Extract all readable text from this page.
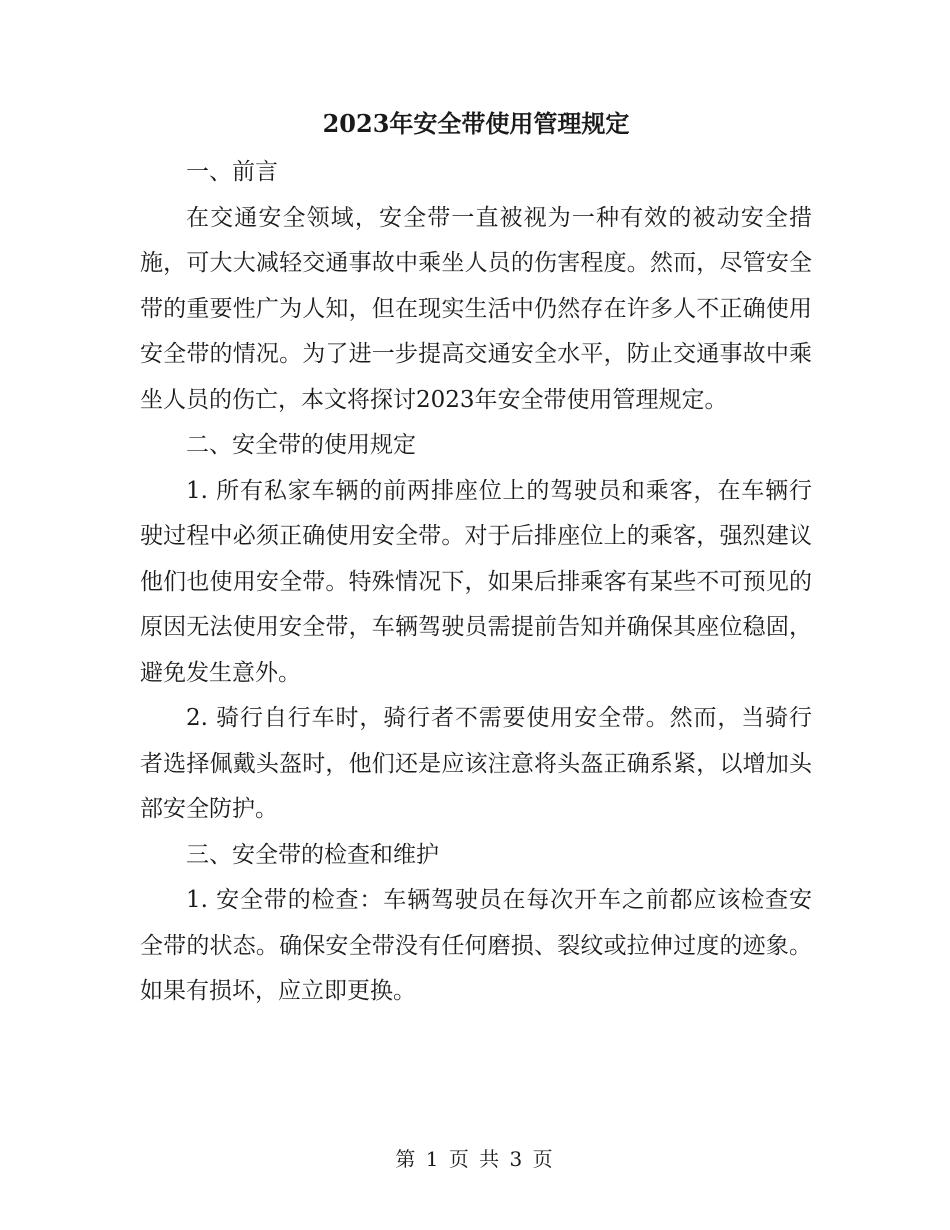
2023年安全带使用管理规定

一、前言

在交通安全领域，安全带一直被视为一种有效的被动安全措施，可大大减轻交通事故中乘坐人员的伤害程度。然而，尽管安全带的重要性广为人知，但在现实生活中仍然存在许多人不正确使用安全带的情况。为了进一步提高交通安全水平，防止交通事故中乘坐人员的伤亡，本文将探讨2023年安全带使用管理规定。

二、安全带的使用规定

1. 所有私家车辆的前两排座位上的驾驶员和乘客，在车辆行驶过程中必须正确使用安全带。对于后排座位上的乘客，强烈建议他们也使用安全带。特殊情况下，如果后排乘客有某些不可预见的原因无法使用安全带，车辆驾驶员需提前告知并确保其座位稳固，避免发生意外。

2. 骑行自行车时，骑行者不需要使用安全带。然而，当骑行者选择佩戴头盔时，他们还是应该注意将头盔正确系紧，以增加头部安全防护。

三、安全带的检查和维护

1. 安全带的检查：车辆驾驶员在每次开车之前都应该检查安全带的状态。确保安全带没有任何磨损、裂纹或拉伸过度的迹象。如果有损坏，应立即更换。

第 1 页 共 3 页
